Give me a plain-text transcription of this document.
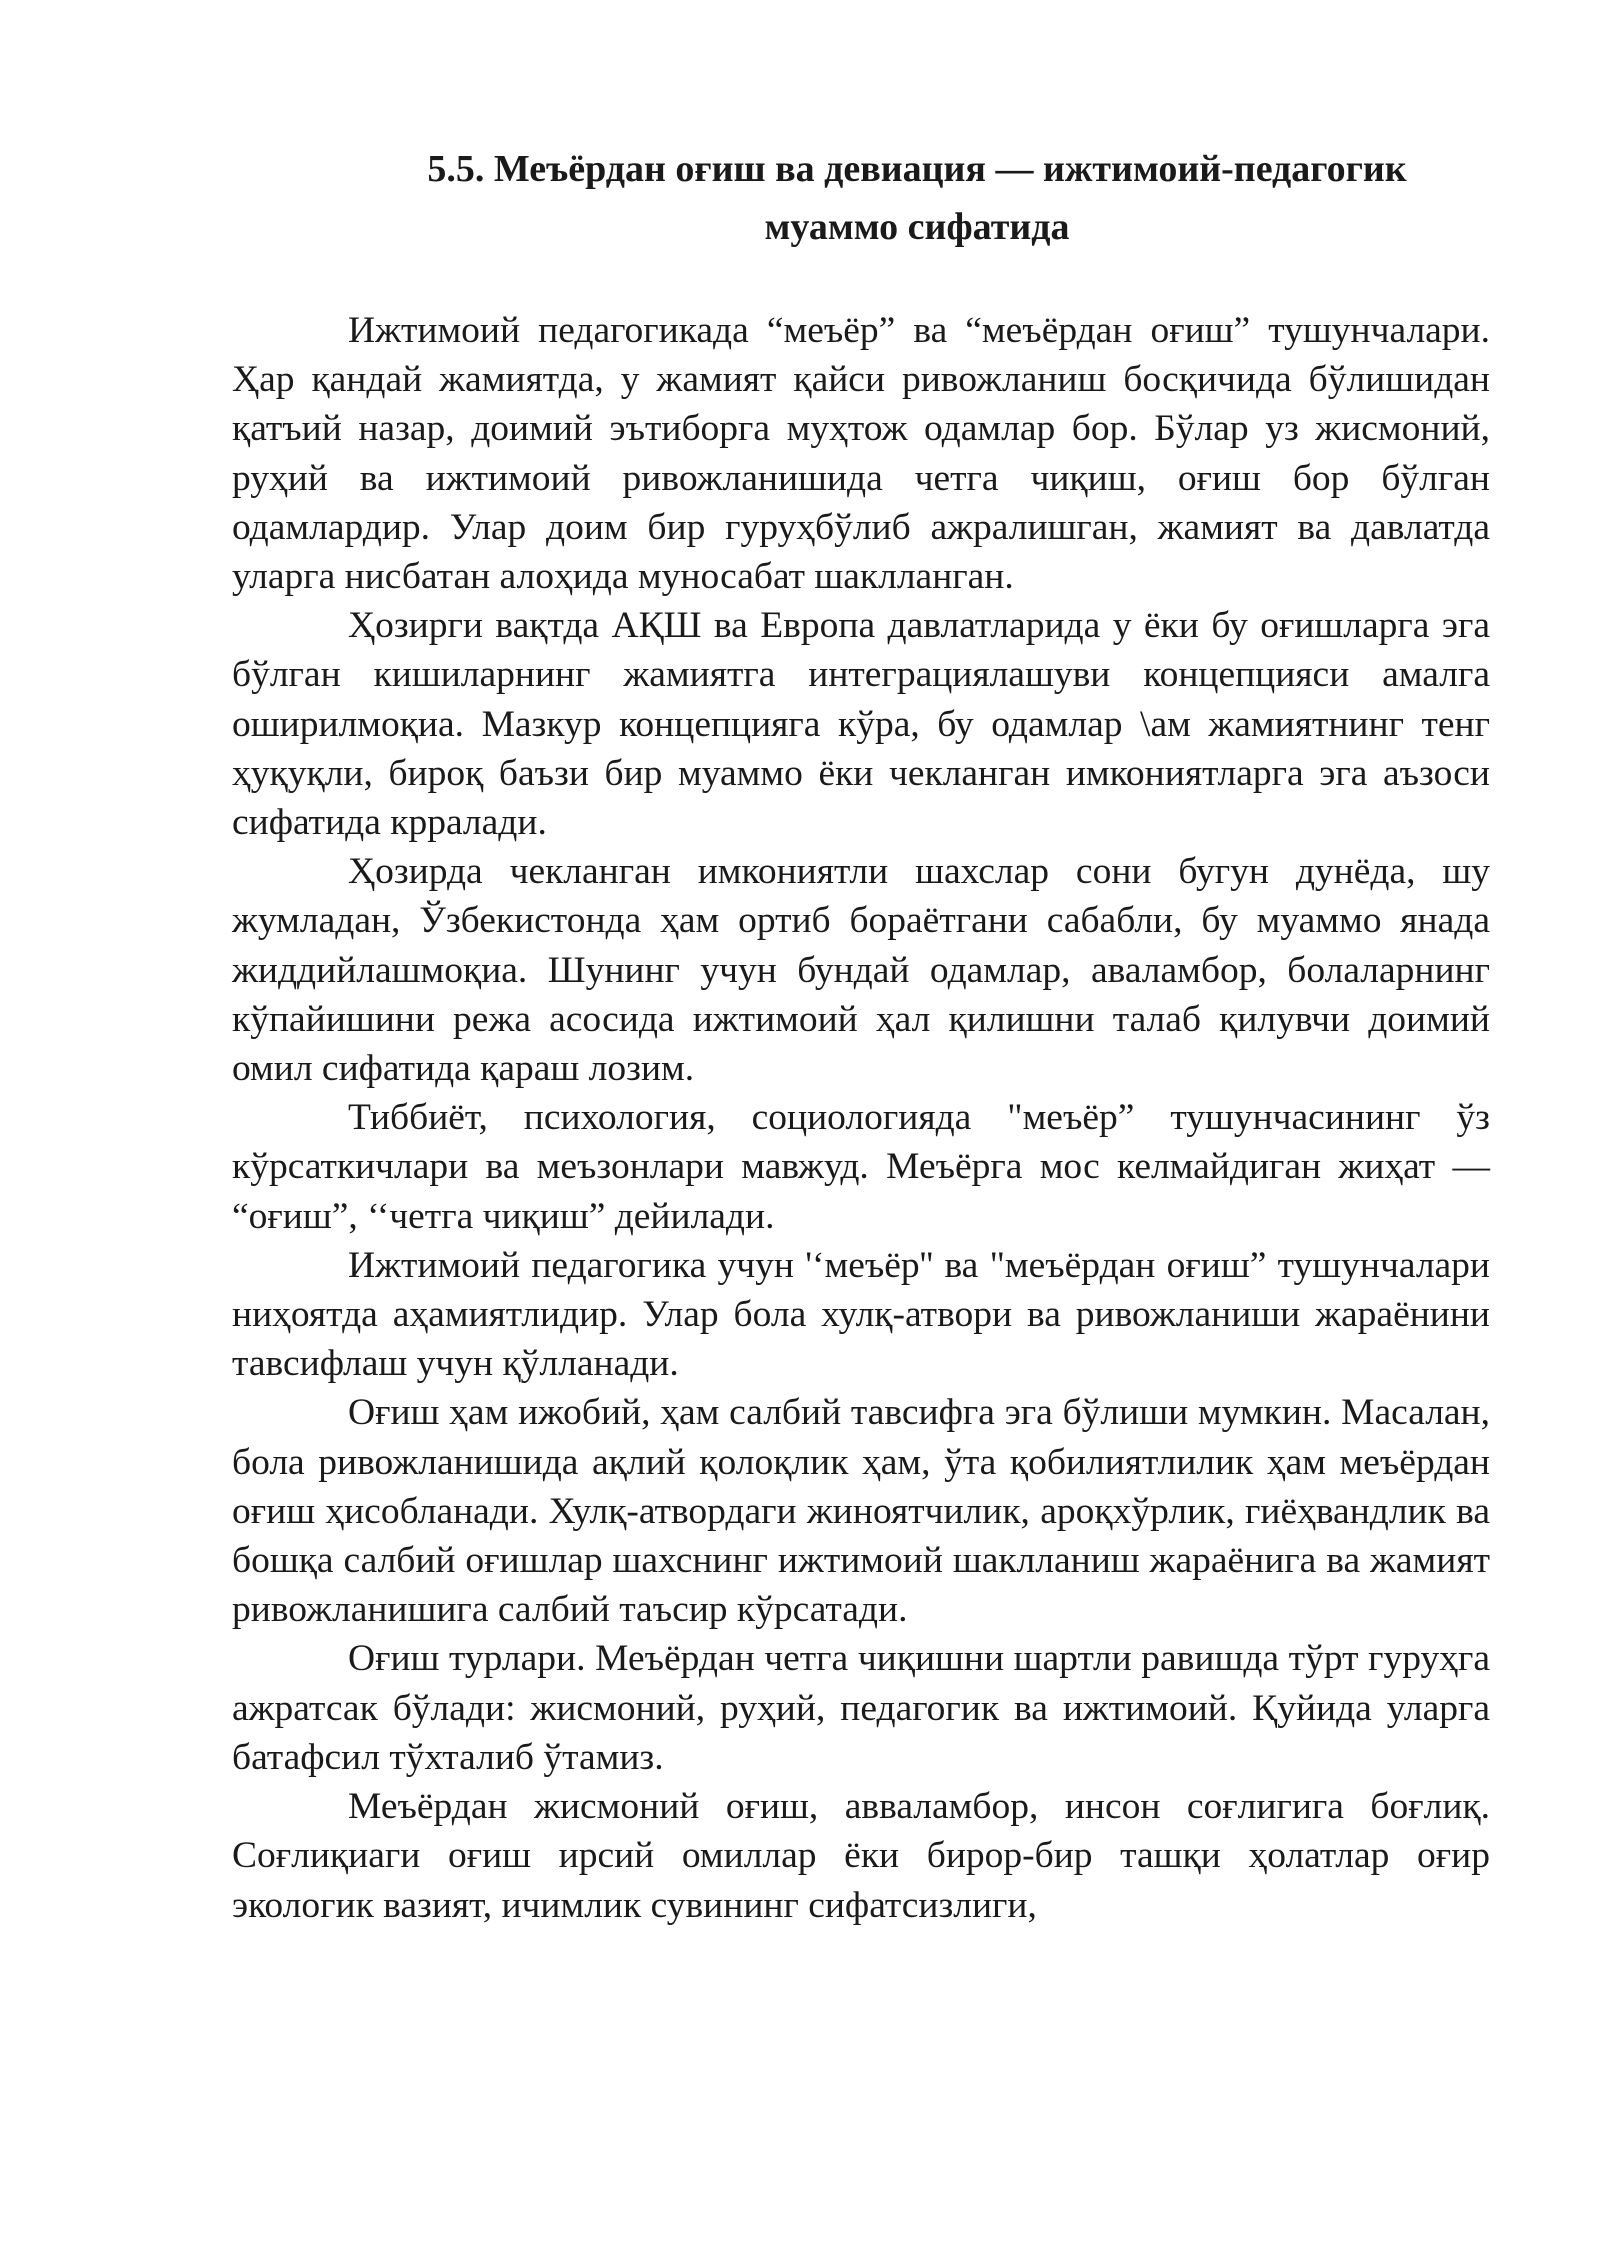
5.5. Меъёрдан оғиш ва девиация — ижтимоий-педагогик
муаммо сифатида

Ижтимоий педагогикада “меъёр” ва “меъёрдан оғиш” тушунчалари. Ҳар қандай жамиятда, у жамият қайси ривожланиш босқичида бўлишидан қатъий назар, доимий эътиборга муҳтож одамлар бор. Бўлар уз жисмоний, руҳий ва ижтимоий ривожланишида четга чиқиш, оғиш бор бўлган одамлардир. Улар доим бир гуруҳбўлиб ажралишган, жамият ва давлатда уларга нисбатан алоҳида муносабат шаклланган.

Ҳозирги вақтда АҚШ ва Европа давлатларида у ёки бу оғишларга эга бўлган кишиларнинг жамиятга интеграциялашуви концепцияси амалга оширилмоқиа. Мазкур концепцияга кўра, бу одамлар \ам жамиятнинг тенг ҳуқуқли, бироқ баъзи бир муаммо ёки чекланган имкониятларга эга аъзоси сифатида крралади.

Ҳозирда чекланган имкониятли шахслар сони бугун дунёда, шу жумладан, Ўзбекистонда ҳам ортиб бораётгани сабабли, бу муаммо янада жиддийлашмоқиа. Шунинг учун бундай одамлар, аваламбор, болаларнинг кўпайишини режа асосида ижтимоий ҳал қилишни талаб қилувчи доимий омил сифатида қараш лозим.

Тиббиёт, психология, социологияда "меъёр” тушунчасининг ўз кўрсаткичлари ва меъзонлари мавжуд. Меъёрга мос келмайдиган жиҳат — “оғиш”, ‘‘четга чиқиш” дейилади.

Ижтимоий педагогика учун '‘меъёр'' ва "меъёрдан оғиш” тушунчалари ниҳоятда аҳамиятлидир. Улар бола хулқ-атвори ва ривожланиши жараёнини тавсифлаш учун қўлланади.

Оғиш ҳам ижобий, ҳам салбий тавсифга эга бўлиши мумкин. Масалан, бола ривожланишида ақлий қолоқлик ҳам, ўта қобилиятлилик ҳам меъёрдан оғиш ҳисобланади. Хулқ-атвордаги жиноятчилик, ароқхўрлик, гиёҳвандлик ва бошқа салбий оғишлар шахснинг ижтимоий шаклланиш жараёнига ва жамият ривожланишига салбий таъсир кўрсатади.

Оғиш турлари. Меъёрдан четга чиқишни шартли равишда тўрт гуруҳга ажратсак бўлади: жисмоний, руҳий, педагогик ва ижтимоий. Қуйида уларга батафсил тўхталиб ўтамиз.

Меъёрдан жисмоний оғиш, авваламбор, инсон соғлигига боғлиқ. Соғлиқиаги оғиш ирсий омиллар ёки бирор-бир ташқи ҳолатлар оғир экологик вазият, ичимлик сувининг сифатсизлиги,
